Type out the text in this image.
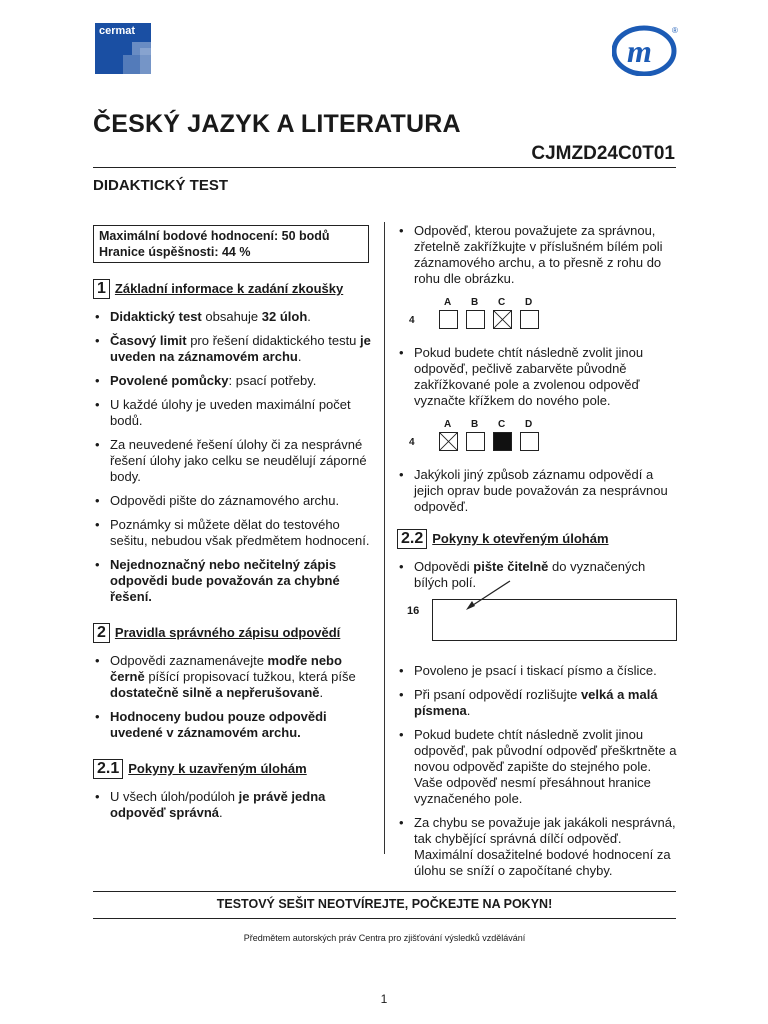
cermat
m
®
ČESKÝ JAZYK A LITERATURA
CJMZD24C0T01
DIDAKTICKÝ TEST
Maximální bodové hodnocení: 50 bodů
Hranice úspěšnosti: 44 %
1 Základní informace k zadání zkoušky
• Didaktický test obsahuje 32 úloh.
• Časový limit pro řešení didaktického testu je uveden na záznamovém archu.
• Povolené pomůcky: psací potřeby.
• U každé úlohy je uveden maximální počet bodů.
• Za neuvedené řešení úlohy či za nesprávné řešení úlohy jako celku se neudělují záporné body.
• Odpovědi pište do záznamového archu.
• Poznámky si můžete dělat do testového sešitu, nebudou však předmětem hodnocení.
• Nejednoznačný nebo nečitelný zápis odpovědi bude považován za chybné řešení.
2 Pravidla správného zápisu odpovědí
• Odpovědi zaznamenávejte modře nebo černě píšící propisovací tužkou, která píše dostatečně silně a nepřerušovaně.
• Hodnoceny budou pouze odpovědi uvedené v záznamovém archu.
2.1 Pokyny k uzavřeným úlohám
• U všech úloh/podúloh je právě jedna odpověď správná.
• Odpověď, kterou považujete za správnou, zřetelně zakřížkujte v příslušném bílém poli záznamového archu, a to přesně z rohu do rohu dle obrázku.
A B C D
4
• Pokud budete chtít následně zvolit jinou odpověď, pečlivě zabarvěte původně zakřížkované pole a zvolenou odpověď vyznačte křížkem do nového pole.
A B C D
4
• Jakýkoli jiný způsob záznamu odpovědí a jejich oprav bude považován za nesprávnou odpověď.
2.2 Pokyny k otevřeným úlohám
• Odpovědi pište čitelně do vyznačených bílých polí.
16
• Povoleno je psací i tiskací písmo a číslice.
• Při psaní odpovědí rozlišujte velká a malá písmena.
• Pokud budete chtít následně zvolit jinou odpověď, pak původní odpověď přeškrtněte a novou odpověď zapište do stejného pole. Vaše odpověď nesmí přesáhnout hranice vyznačeného pole.
• Za chybu se považuje jak jakákoli nesprávná, tak chybějící správná dílčí odpověď. Maximální dosažitelné bodové hodnocení za úlohu se sníží o započítané chyby.
TESTOVÝ SEŠIT NEOTVÍREJTE, POČKEJTE NA POKYN!
Předmětem autorských práv Centra pro zjišťování výsledků vzdělávání
1
